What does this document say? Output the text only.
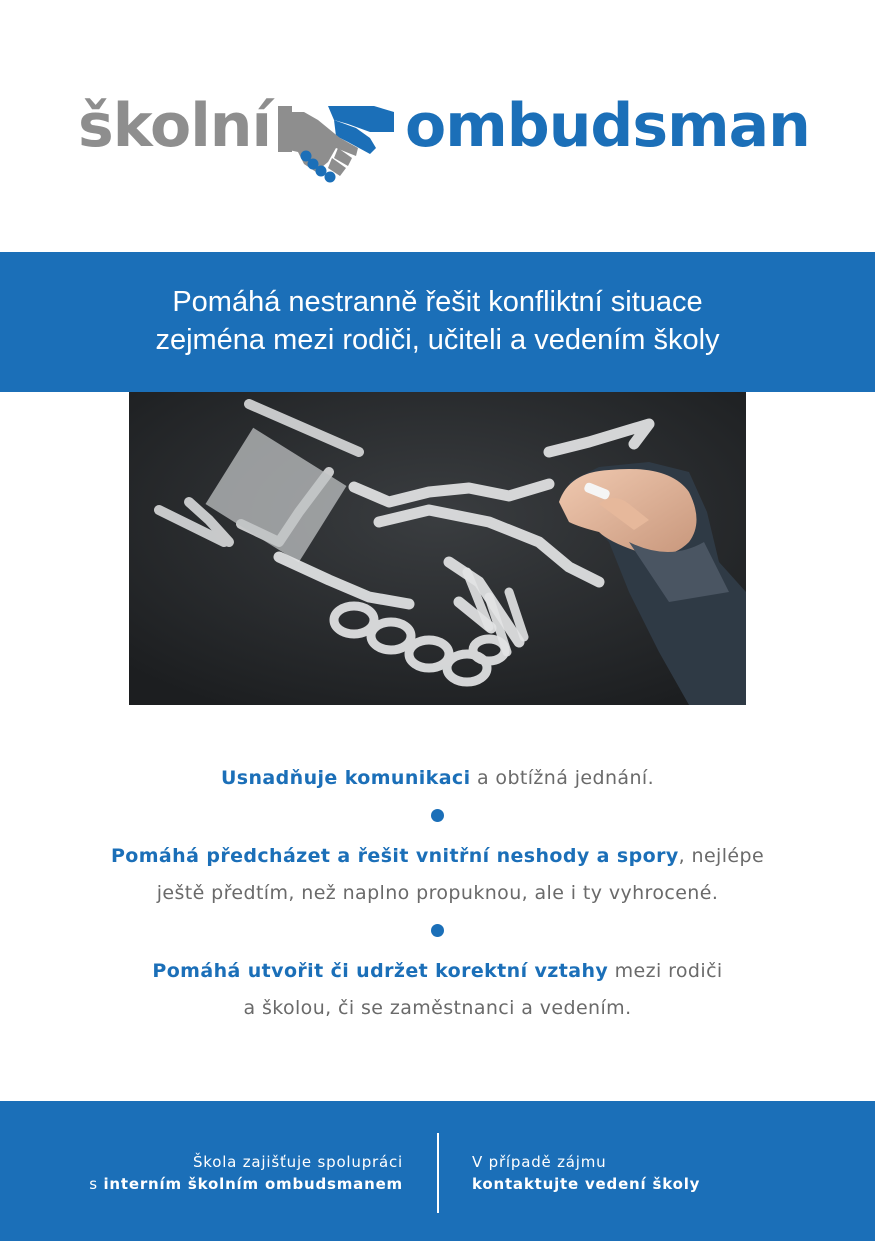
školní ombudsman
Pomáhá nestranně řešit konfliktní situace
zejména mezi rodiči, učiteli a vedením školy

Usnadňuje komunikaci a obtížná jednání.

Pomáhá předcházet a řešit vnitřní neshody a spory, nejlépe
ještě předtím, než naplno propuknou, ale i ty vyhrocené.

Pomáhá utvořit či udržet korektní vztahy mezi rodiči
a školou, či se zaměstnanci a vedením.

Škola zajišťuje spolupráci
s interním školním ombudsmanem
V případě zájmu
kontaktujte vedení školy
